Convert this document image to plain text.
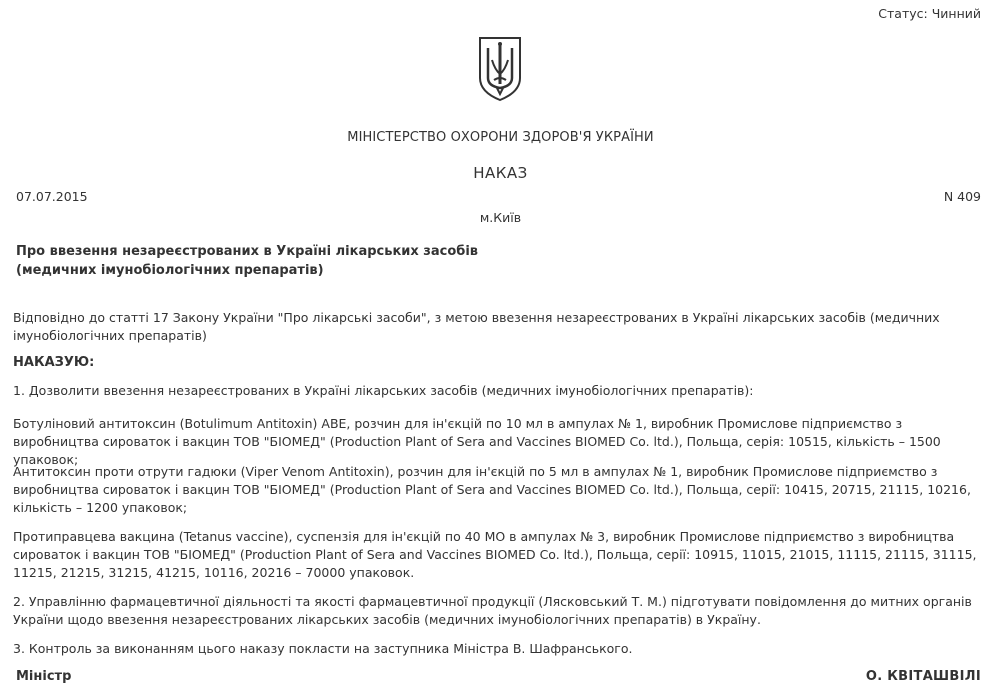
Статус: Чинний
МІНІСТЕРСТВО ОХОРОНИ ЗДОРОВ'Я УКРАЇНИ
НАКАЗ
07.07.2015	N 409
м.Київ
Про ввезення незареєстрованих в Україні лікарських засобів
(медичних імунобіологічних препаратів)

Відповідно до статті 17 Закону України "Про лікарські засоби", з метою ввезення незареєстрованих в Україні лікарських засобів (медичних імунобіологічних препаратів)

НАКАЗУЮ:

1. Дозволити ввезення незареєстрованих в Україні лікарських засобів (медичних імунобіологічних препаратів):

Ботуліновий антитоксин (Botulimum Antitoxin) АВЕ, розчин для ін'єкцій по 10 мл в ампулах № 1, виробник Промислове підприємство з виробництва сироваток і вакцин ТОВ "БІОМЕД" (Production Plant of Sera and Vaccines BIOMED Co. ltd.), Польща, серія: 10515, кількість – 1500 упаковок;

Антитоксин проти отрути гадюки (Viper Venom Antitoxin), розчин для ін'єкцій по 5 мл в ампулах № 1, виробник Промислове підприємство з виробництва сироваток і вакцин ТОВ "БІОМЕД" (Production Plant of Sera and Vaccines BIOMED Co. ltd.), Польща, серії: 10415, 20715, 21115, 10216, кількість – 1200 упаковок;

Протиправцева вакцина (Tetanus vaccine), суспензія для ін'єкцій по 40 МО в ампулах № 3, виробник Промислове підприємство з виробництва сироваток і вакцин ТОВ "БІОМЕД" (Production Plant of Sera and Vaccines BIOMED Co. ltd.), Польща, серії: 10915, 11015, 21015, 11115, 21115, 31115, 11215, 21215, 31215, 41215, 10116, 20216 – 70000 упаковок.

2. Управлінню фармацевтичної діяльності та якості фармацевтичної продукції (Лясковський Т. М.) підготувати повідомлення до митних органів України щодо ввезення незареєстрованих лікарських засобів (медичних імунобіологічних препаратів) в Україну.

3. Контроль за виконанням цього наказу покласти на заступника Міністра В. Шафранського.

Міністр	О. КВІТАШВІЛІ
